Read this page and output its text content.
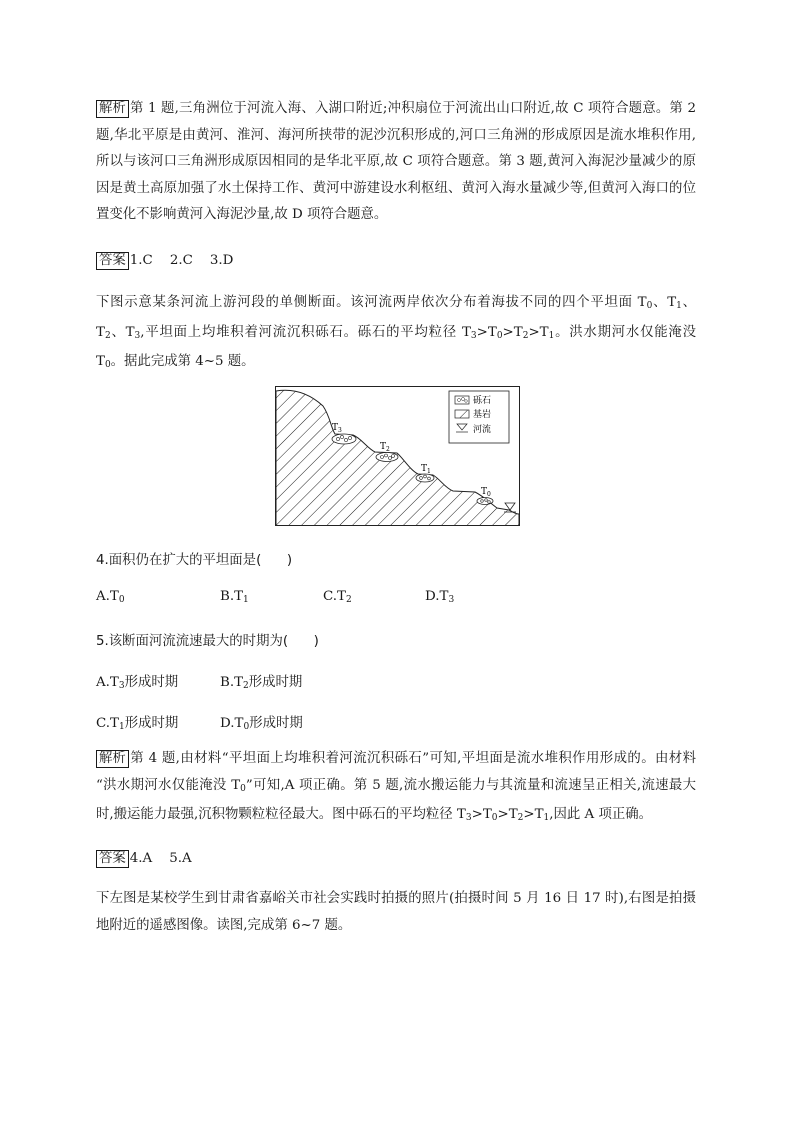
解析 第 1 题,三角洲位于河流入海、入湖口附近;冲积扇位于河流出山口附近,故 C 项符合题意。第 2 题,华北平原是由黄河、淮河、海河所挟带的泥沙沉积形成的,河口三角洲的形成原因是流水堆积作用,所以与该河口三角洲形成原因相同的是华北平原,故 C 项符合题意。第 3 题,黄河入海泥沙量减少的原因是黄土高原加强了水土保持工作、黄河中游建设水利枢纽、黄河入海水量减少等,但黄河入海口的位置变化不影响黄河入海泥沙量,故 D 项符合题意。
答案 1.C    2.C    3.D
下图示意某条河流上游河段的单侧断面。该河流两岸依次分布着海拔不同的四个平坦面 $T_0$、$T_1$、 $T_2$、$T_3$,平坦面上均堆积着河流沉积砾石。砾石的平均粒径 $T_3>T_0>T_2>T_1$。洪水期河水仅能淹没 $T_0$。据此完成第 4~5 题。
$T_3$
$T_2$
$T_1$
$T_0$
砾石
基岩
河流
4.面积仍在扩大的平坦面是(      )
$A.T_0$	$B.T_1$	$C.T_2$	$D.T_3$
5.该断面河流流速最大的时期为(      )
$A.T_3$形成时期	$B.T_2$形成时期
$C.T_1$形成时期	$D.T_0$形成时期
解析 第 4 题,由材料“平坦面上均堆积着河流沉积砾石”可知,平坦面是流水堆积作用形成的。由材料 “洪水期河水仅能淹没 $T_0$”可知,A 项正确。第 5 题,流水搬运能力与其流量和流速呈正相关,流速最大 时,搬运能力最强,沉积物颗粒粒径最大。图中砾石的平均粒径 $T_3>T_0>T_2>T_1$,因此 A 项正确。
答案 4.A    5.A
下左图是某校学生到甘肃省嘉峪关市社会实践时拍摄的照片(拍摄时间 5 月 16 日 17 时),右图是拍摄地附近的遥感图像。读图,完成第 6~7 题。
